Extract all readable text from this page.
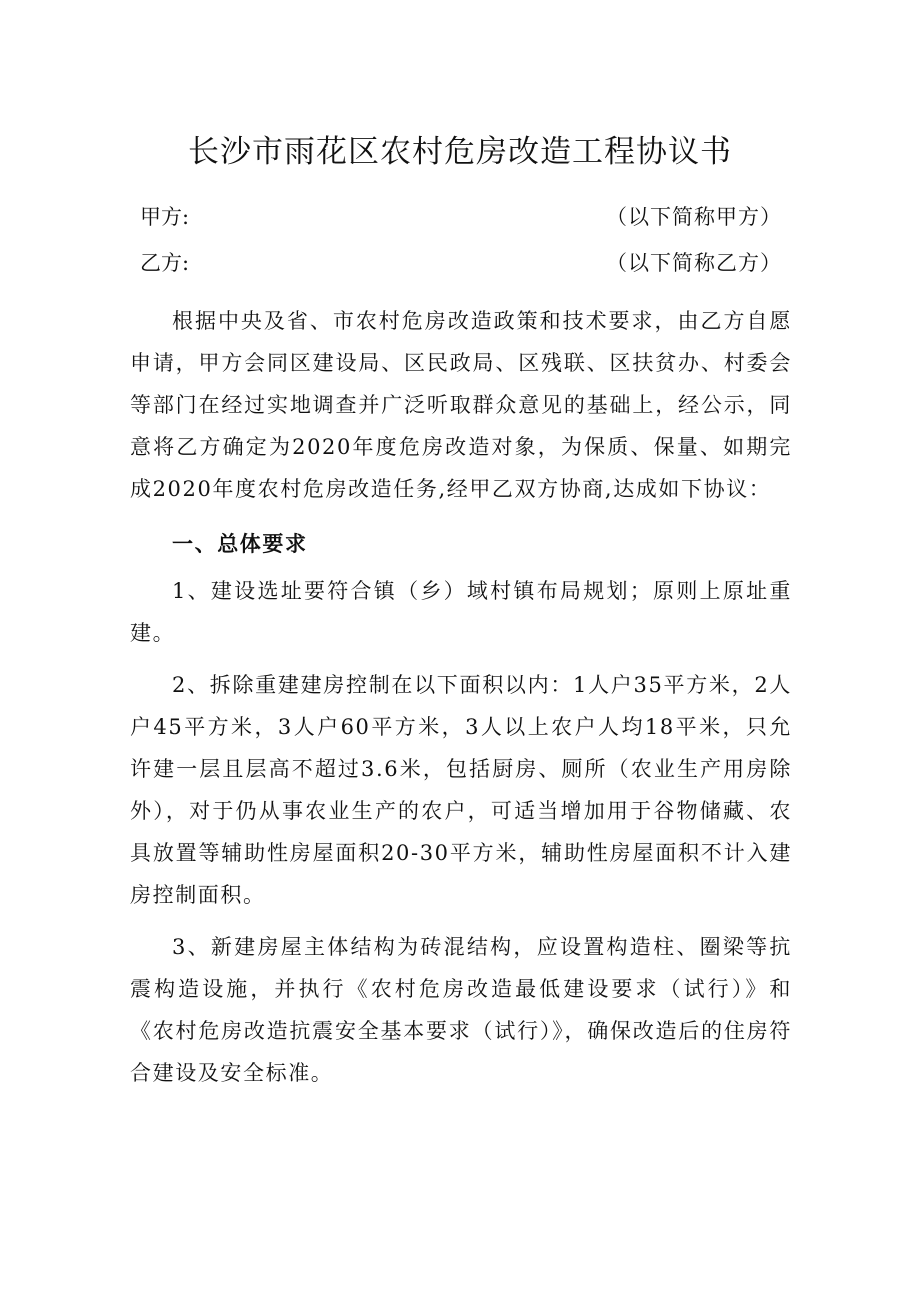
长沙市雨花区农村危房改造工程协议书
甲方:	（以下简称甲方）
乙方:	（以下简称乙方）

根据中央及省、市农村危房改造政策和技术要求，由乙方自愿申请，甲方会同区建设局、区民政局、区残联、区扶贫办、村委会等部门在经过实地调查并广泛听取群众意见的基础上，经公示，同意将乙方确定为2020年度危房改造对象，为保质、保量、如期完成2020年度农村危房改造任务,经甲乙双方协商,达成如下协议：

一、总体要求

1、建设选址要符合镇（乡）域村镇布局规划；原则上原址重建。

2、拆除重建建房控制在以下面积以内：1人户35平方米，2人户45平方米，3人户60平方米，3人以上农户人均18平米，只允许建一层且层高不超过3.6米，包括厨房、厕所（农业生产用房除外），对于仍从事农业生产的农户，可适当增加用于谷物储藏、农具放置等辅助性房屋面积20-30平方米，辅助性房屋面积不计入建房控制面积。

3、新建房屋主体结构为砖混结构，应设置构造柱、圈梁等抗震构造设施，并执行《农村危房改造最低建设要求（试行）》和《农村危房改造抗震安全基本要求（试行）》，确保改造后的住房符合建设及安全标准。
